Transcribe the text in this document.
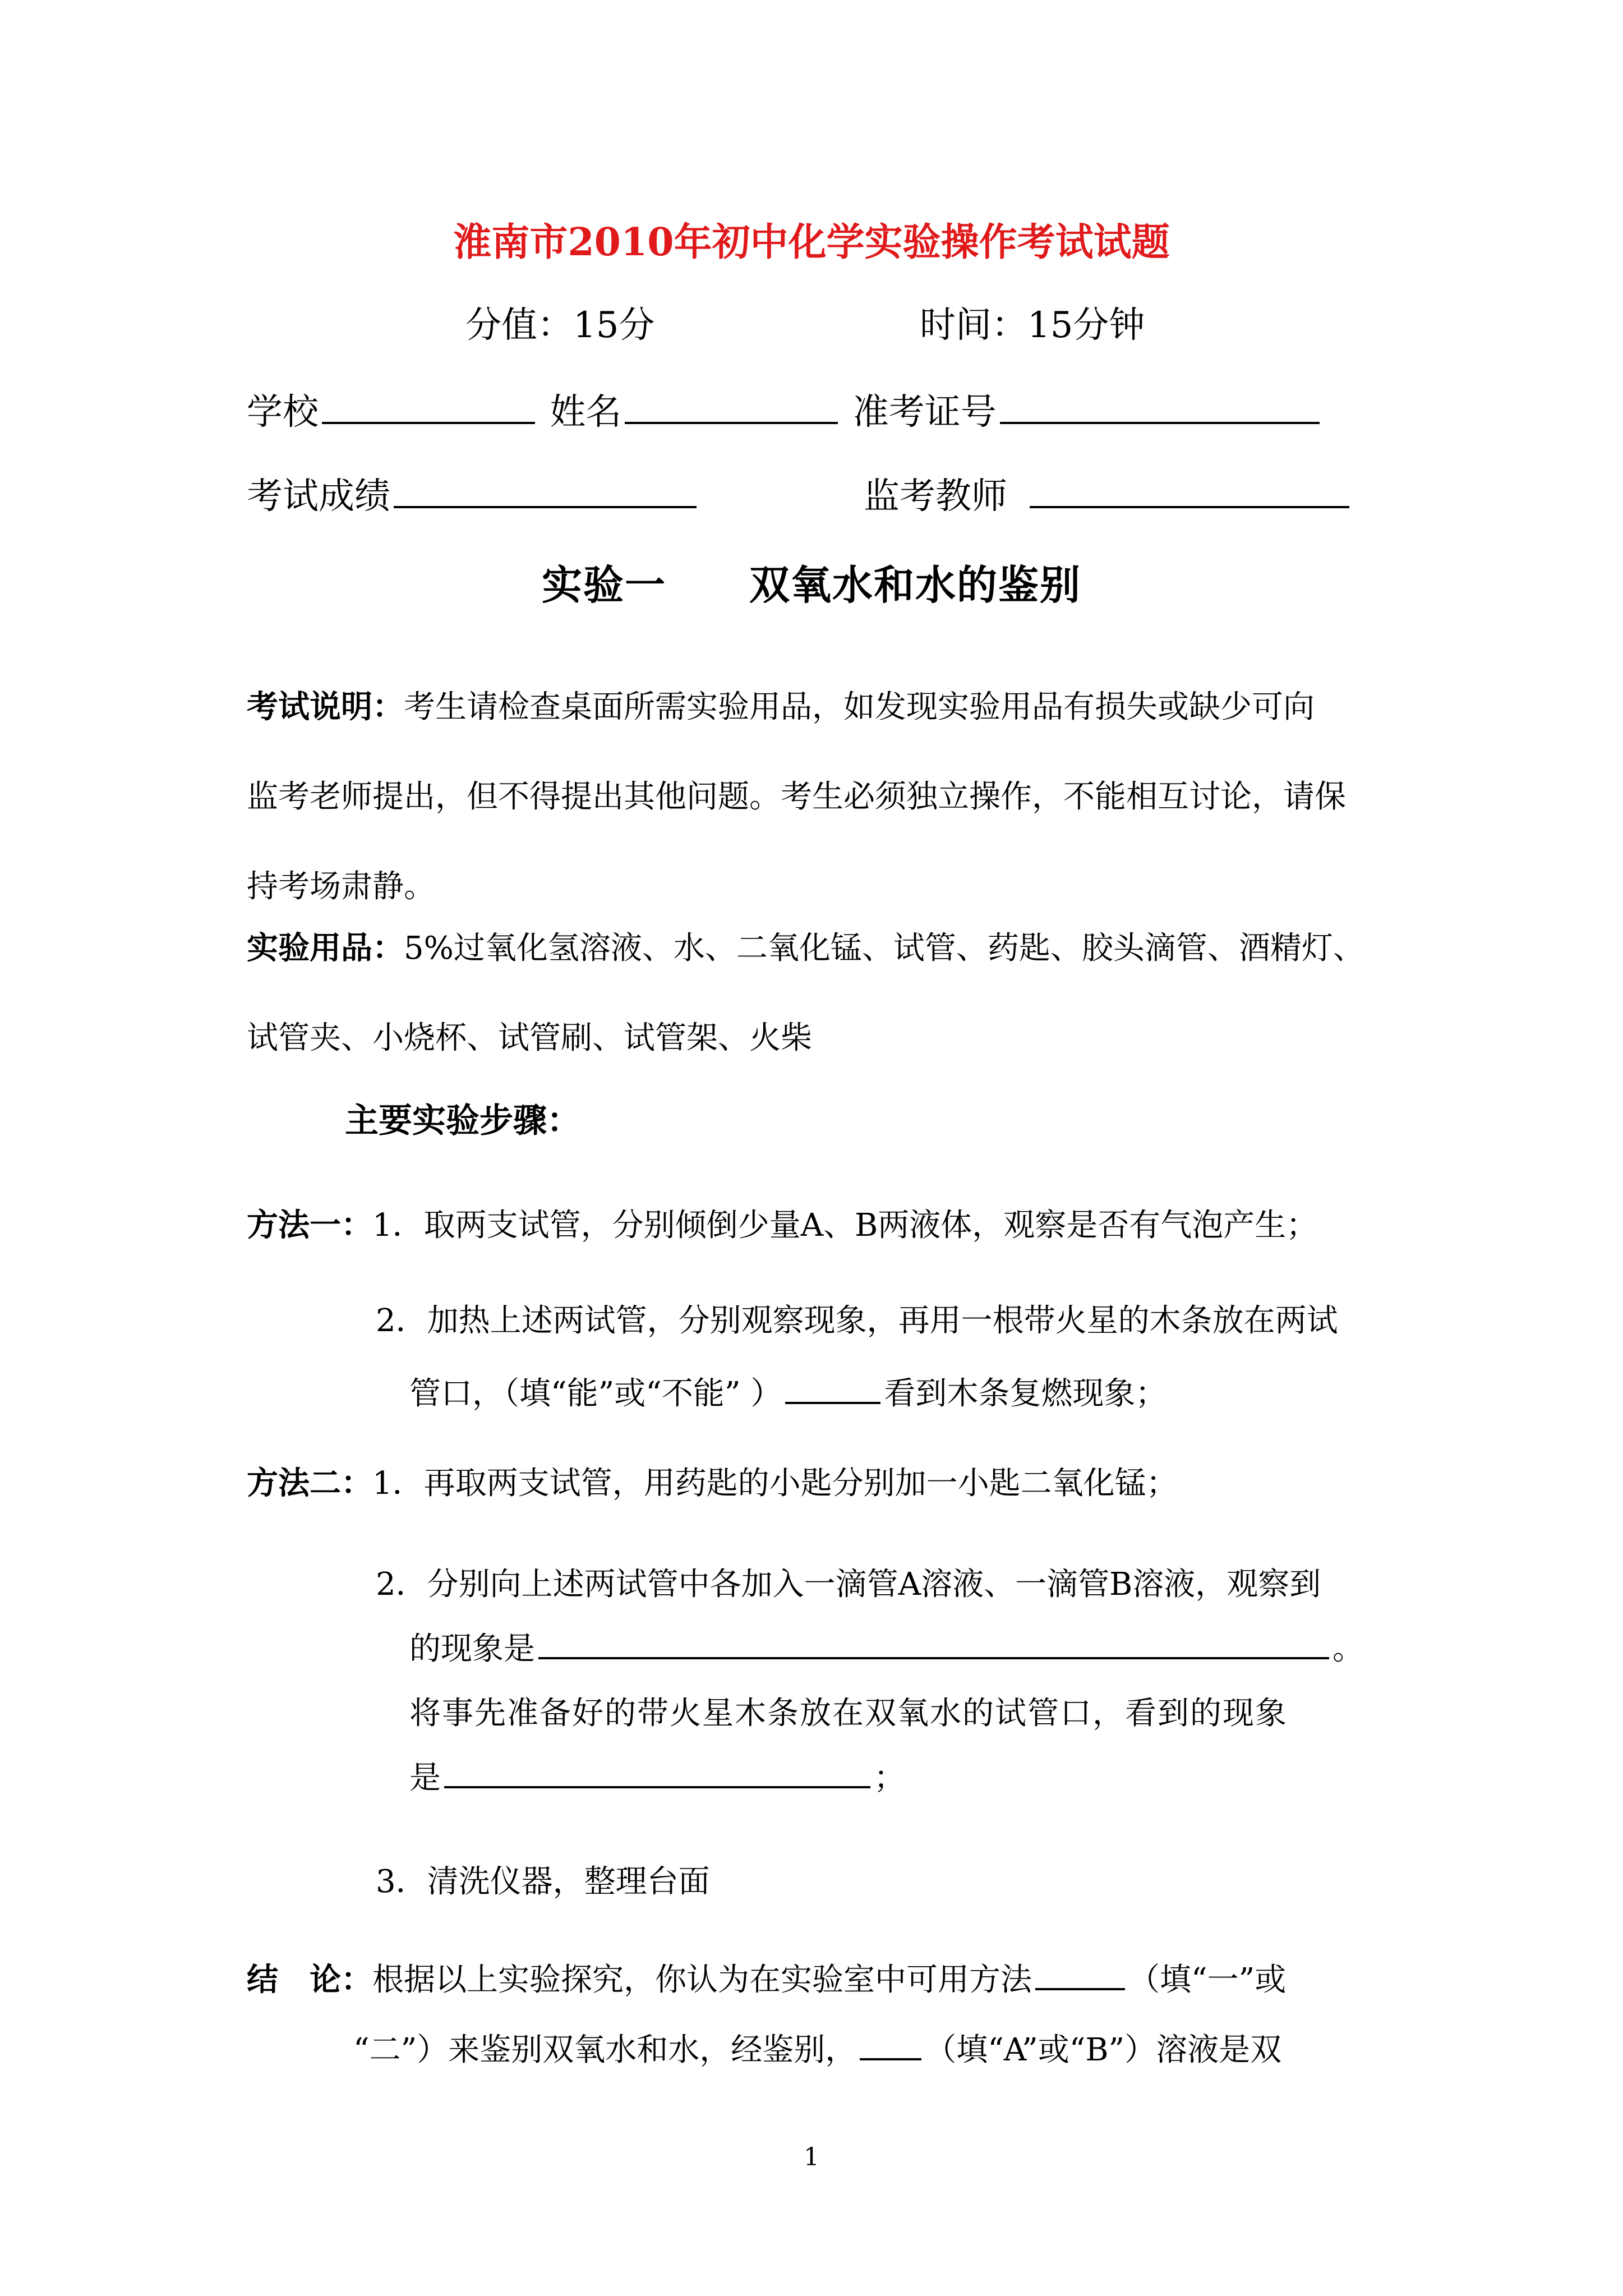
淮南市2010年初中化学实验操作考试试题
分值：15分	时间：15分钟
学校	姓名	准考证号
考试成绩	监考教师
实验一　　双氧水和水的鉴别
考试说明：考生请检查桌面所需实验用品，如发现实验用品有损失或缺少可向
监考老师提出，但不得提出其他问题。考生必须独立操作，不能相互讨论，请保
持考场肃静。
实验用品：5%过氧化氢溶液、水、二氧化锰、试管、药匙、胶头滴管、酒精灯、
试管夹、小烧杯、试管刷、试管架、火柴
主要实验步骤：
方法一：1．取两支试管，分别倾倒少量A、B两液体，观察是否有气泡产生；
2．加热上述两试管，分别观察现象，再用一根带火星的木条放在两试
管口，（填“能”或“不能” ）	看到木条复燃现象；
方法二：1．再取两支试管，用药匙的小匙分别加一小匙二氧化锰；
2．分别向上述两试管中各加入一滴管A溶液、一滴管B溶液，观察到
的现象是	。
将事先准备好的带火星木条放在双氧水的试管口，看到的现象
是	；
3．清洗仪器，整理台面
结　论：根据以上实验探究，你认为在实验室中可用方法	（填“一”或
“二”）来鉴别双氧水和水，经鉴别， （填“A”或“B”）溶液是双
1
